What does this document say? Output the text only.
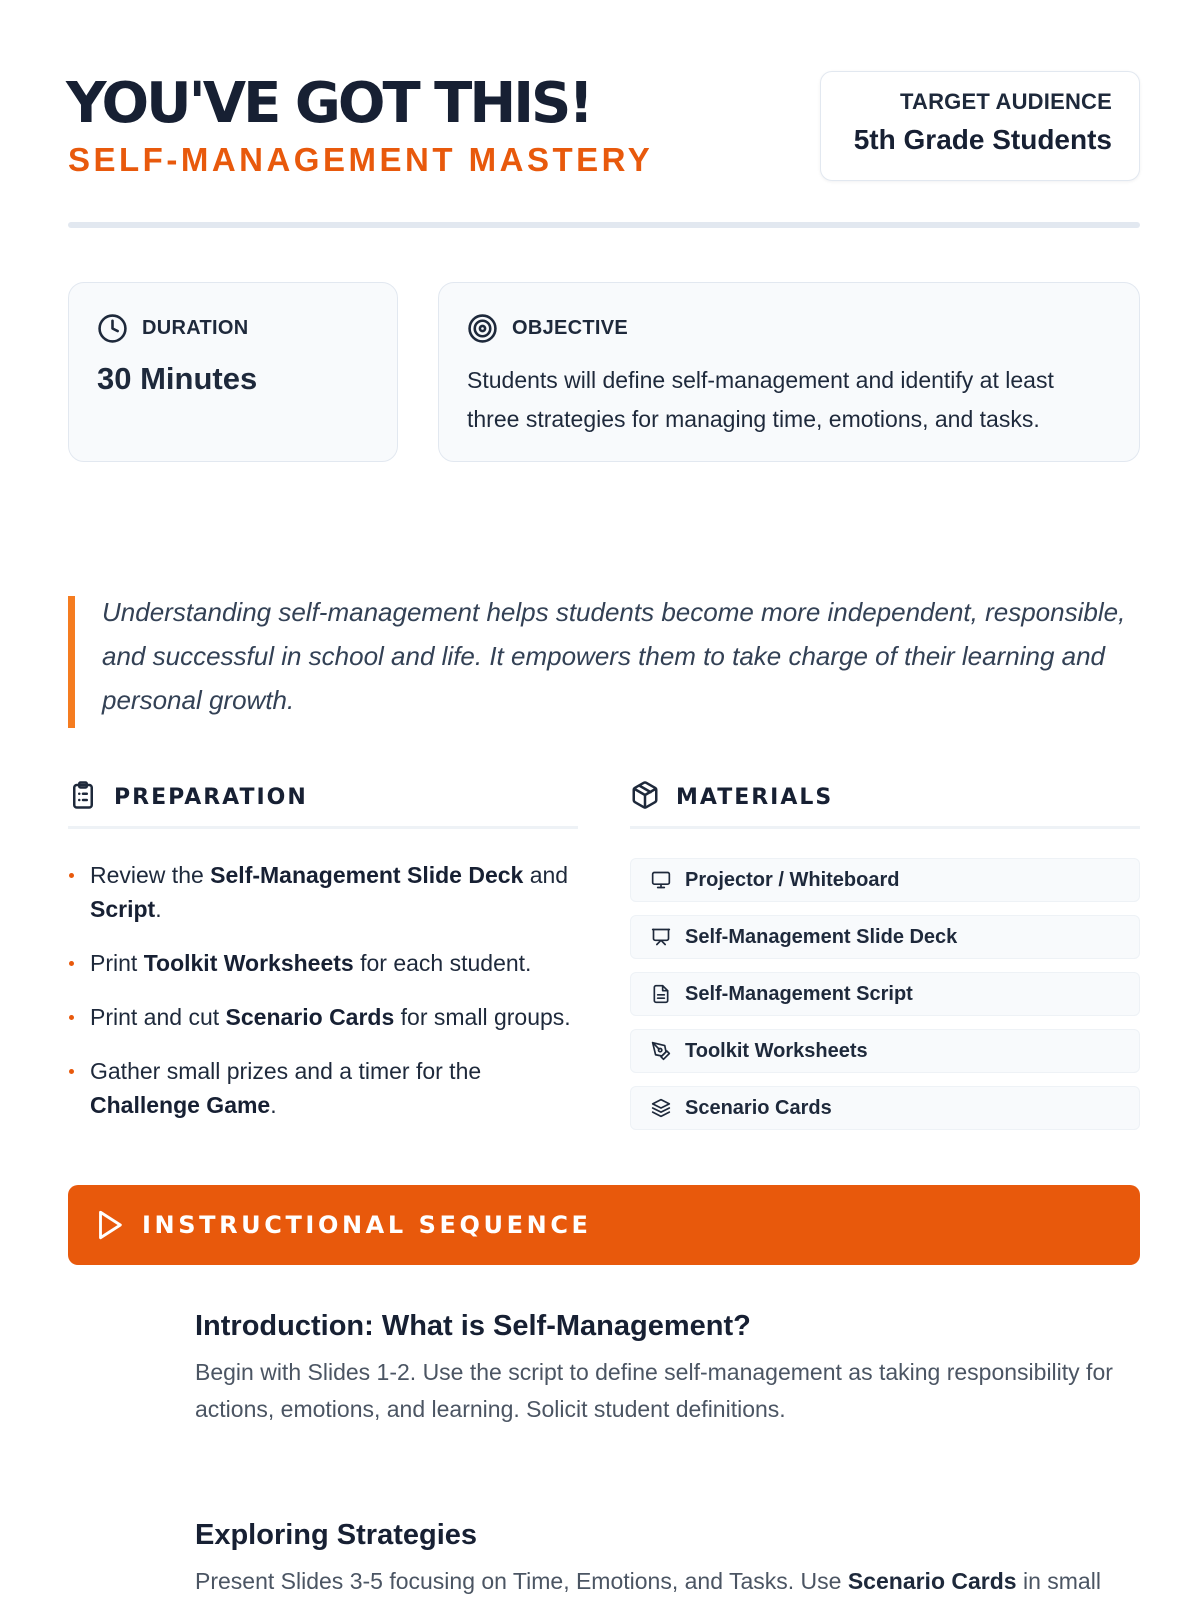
YOU'VE GOT THIS!
SELF-MANAGEMENT MASTERY
TARGET AUDIENCE
5th Grade Students
DURATION
30 Minutes
OBJECTIVE
Students will define self-management and identify at least three strategies for managing time, emotions, and tasks.
Understanding self-management helps students become more independent, responsible, and successful in school and life. It empowers them to take charge of their learning and personal growth.
PREPARATION
Review the Self-Management Slide Deck and Script.
Print Toolkit Worksheets for each student.
Print and cut Scenario Cards for small groups.
Gather small prizes and a timer for the Challenge Game.
MATERIALS
Projector / Whiteboard
Self-Management Slide Deck
Self-Management Script
Toolkit Worksheets
Scenario Cards
INSTRUCTIONAL SEQUENCE
Introduction: What is Self-Management?
Begin with Slides 1-2. Use the script to define self-management as taking responsibility for actions, emotions, and learning. Solicit student definitions.
Exploring Strategies
Present Slides 3-5 focusing on Time, Emotions, and Tasks. Use Scenario Cards in small
